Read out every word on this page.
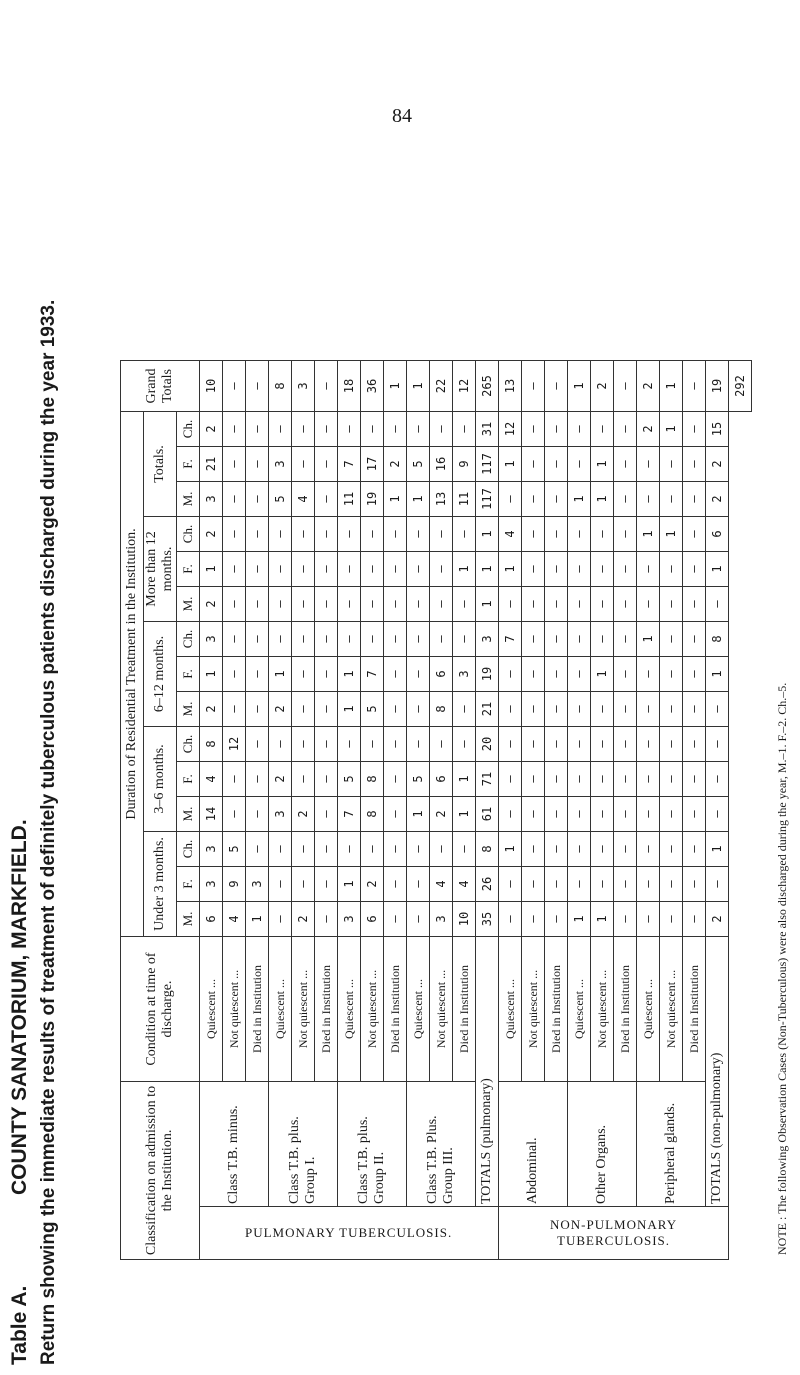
84
Table A.
COUNTY SANATORIUM, MARKFIELD. Return showing the immediate results of treatment of definitely tuberculous patients discharged during the year 1933.	Classification on admission to the Institution.		Condition at time of discharge.	Duration of Residential Treatment in the Institution.															Grand Totals
			Under 3 months.			3–6 months.			6–12 months.			More than 12 months.			Totals.			
			M.	F.	Ch.	M.	F.	Ch.	M.	F.	Ch.	M.	F.	Ch.	M.	F.	Ch.	
PULMONARY TUBERCULOSIS.	Class T.B. minus.	Quiescent ...	6	3	3	14	4	8	2	1	3	2	1	2	3	21	2	10
		Not quiescent ...	4	9	5	—	—	12	—	—	—	—	—	—	—	—	—	—
		Died in Institution	1	3	—	—	—	—	—	—	—	—	—	—	—	—	—	—
	Class T.B. plus. Group I.	Quiescent ...	—	—	—	3	2	—	2	1	—	—	—	—	5	3	—	8
		Not quiescent ...	2	—	—	2	—	—	—	—	—	—	—	—	4	—	—	3
		Died in Institution	—	—	—	—	—	—	—	—	—	—	—	—	—	—	—	—
	Class T.B. plus. Group II.	Quiescent ...	3	1	—	7	5	—	1	1	—	—	—	—	11	7	—	18
		Not quiescent ...	6	2	—	8	8	—	5	7	—	—	—	—	19	17	—	36
		Died in Institution	—	—	—	—	—	—	—	—	—	—	—	—	1	2	—	1
	Class T.B. Plus. Group III.	Quiescent ...	—	—	—	1	5	—	—	—	—	—	—	—	1	5	—	1
		Not quiescent ...	3	4	—	2	6	—	8	6	—	—	—	—	13	16	—	22
		Died in Institution	10	4	—	1	1	—	—	3	—	—	1	—	11	9	—	12
	TOTALS (pulmonary)		35	26	8	61	71	20	21	19	3	1	1	1	117	117	31	265
NON-PULMONARY TUBERCULOSIS.	Abdominal.	Quiescent ...	—	—	1	—	—	—	—	—	7	—	1	4	—	1	12	13
		Not quiescent ...	—	—	—	—	—	—	—	—	—	—	—	—	—	—	—	—
		Died in Institution	—	—	—	—	—	—	—	—	—	—	—	—	—	—	—	—
	Other Organs.	Quiescent ...	1	—	—	—	—	—	—	—	—	—	—	—	1	—	—	1
		Not quiescent ...	1	—	—	—	—	—	—	1	—	—	—	—	1	1	—	2
		Died in Institution	—	—	—	—	—	—	—	—	—	—	—	—	—	—	—	—
	Peripheral glands.	Quiescent ...	—	—	—	—	—	—	—	—	1	—	—	1	—	—	2	2
		Not quiescent ...	—	—	—	—	—	—	—	—	—	—	—	1	—	—	1	1
		Died in Institution	—	—	—	—	—	—	—	—	—	—	—	—	—	—	—	—
	TOTALS (non-pulmonary)		2	—	1	—	—	—	—	1	8	—	1	6	2	2	15	19
																		292
NOTE : The following Observation Cases (Non-Tuberculous) were also discharged during the year, M.–1. F.–2. Ch.–5.
